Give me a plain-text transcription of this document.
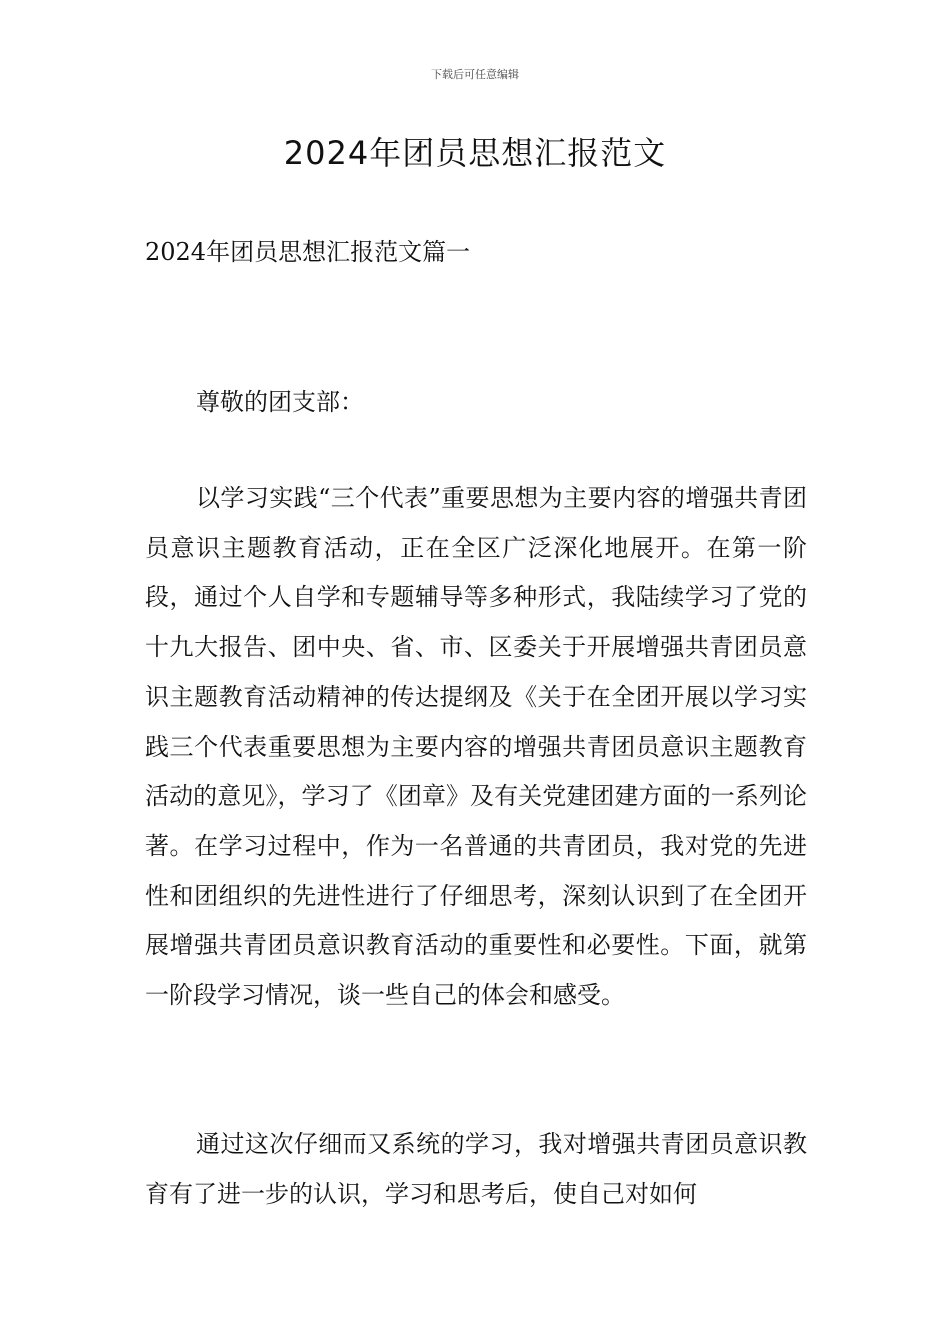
下载后可任意编辑
2024年团员思想汇报范文
2024年团员思想汇报范文篇一
尊敬的团支部：
以学习实践“三个代表”重要思想为主要内容的增强共青团员意识主题教育活动，正在全区广泛深化地展开。在第一阶段，通过个人自学和专题辅导等多种形式，我陆续学习了党的十九大报告、团中央、省、市、区委关于开展增强共青团员意识主题教育活动精神的传达提纲及《关于在全团开展以学习实践三个代表重要思想为主要内容的增强共青团员意识主题教育活动的意见》，学习了《团章》及有关党建团建方面的一系列论著。在学习过程中，作为一名普通的共青团员，我对党的先进性和团组织的先进性进行了仔细思考，深刻认识到了在全团开展增强共青团员意识教育活动的重要性和必要性。下面，就第一阶段学习情况，谈一些自己的体会和感受。
通过这次仔细而又系统的学习，我对增强共青团员意识教育有了进一步的认识，学习和思考后，使自己对如何
